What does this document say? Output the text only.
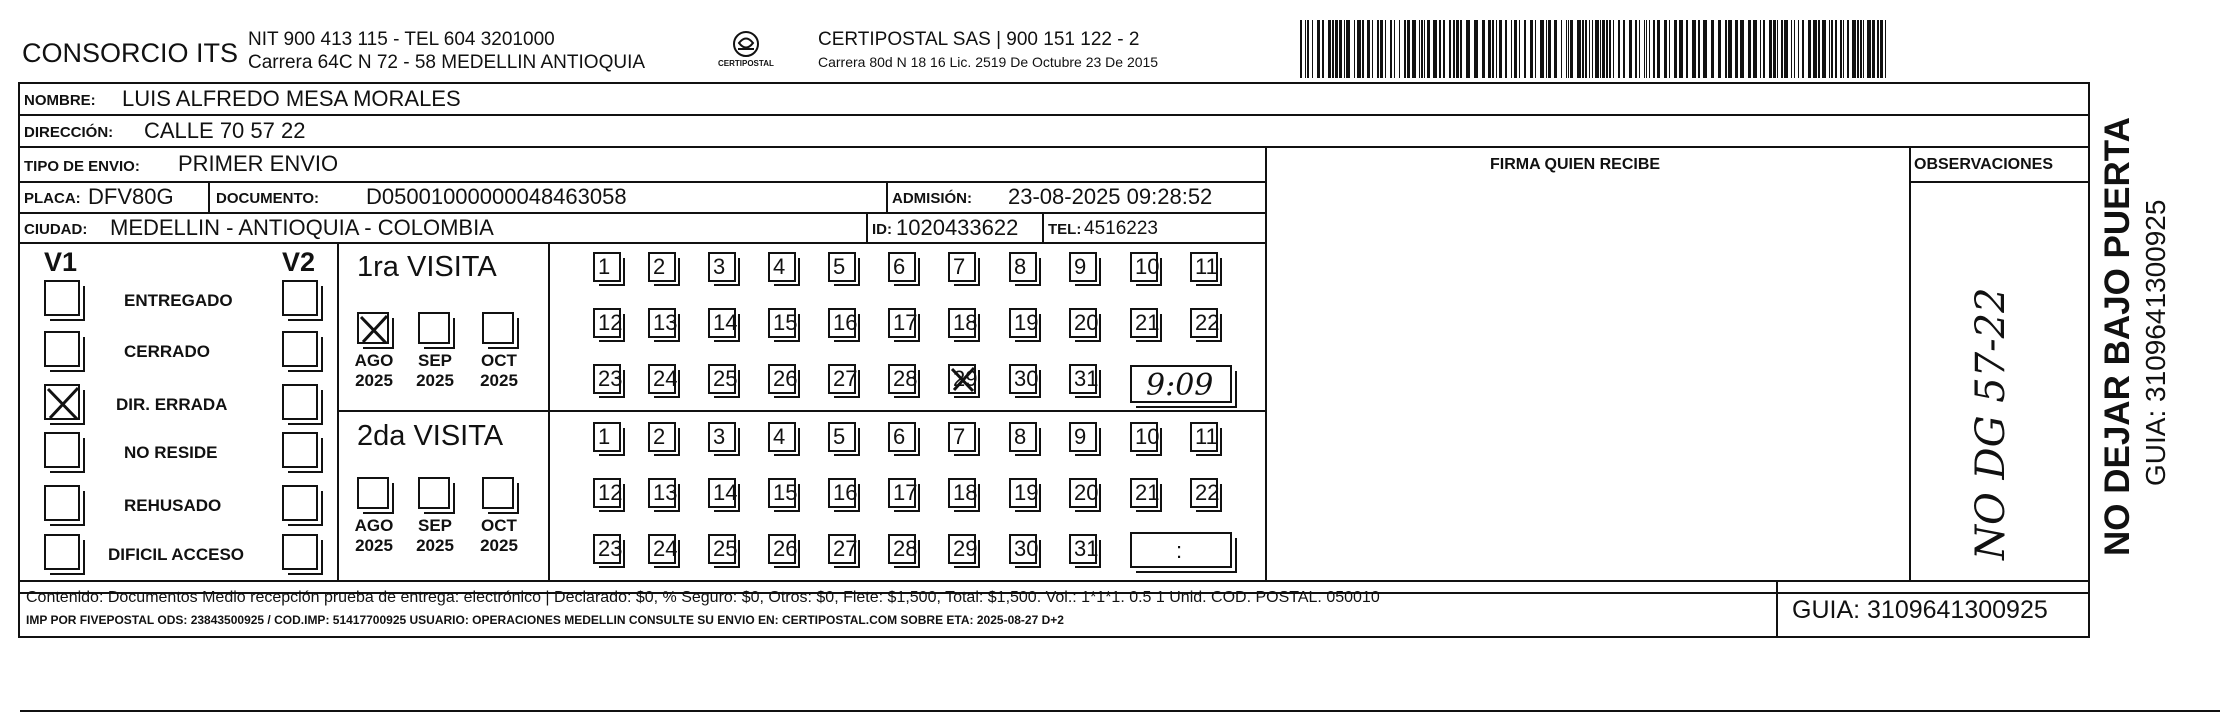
CONSORCIO ITS NIT 900 413 115 - TEL 604 3201000
Carrera 64C N 72 - 58 MEDELLIN ANTIOQUIA	CERTIPOSTAL
CERTIPOSTAL SAS | 900 151 122 - 2
Carrera 80d N 18 16 Lic. 2519 De Octubre 23 De 2015
NOMBRE: LUIS ALFREDO MESA MORALES
DIRECCIÓN: CALLE 70 57 22
TIPO DE ENVIO: PRIMER ENVIO	FIRMA QUIEN RECIBE	OBSERVACIONES
PLACA: DFV80G	DOCUMENTO: D05001000000048463058	ADMISIÓN: 23-08-2025 09:28:52
CIUDAD: MEDELLIN - ANTIOQUIA - COLOMBIA	ID: 1020433622 TEL: 4516223
V1	V2
ENTREGADO
CERRADO
DIR. ERRADA
NO RESIDE
REHUSADO
DIFICIL ACCESO
1ra VISITA
2da VISITA
AGO
2025
SEP
2025
OCT
2025
AGO
2025
SEP
2025
OCT
2025
1	2	3	4	5	6	7	8	9	10 11
12 13 14 15 16 17 18 19 20 21 22
23 24 25 26 27 28 29 30 31
1	2	3	4	5	6	7	8	9	10 11
12 13 14 15 16 17 18 19 20 21 22
23 24 25 26 27 28 29 30 31
9:09
:	NO DG 57-22 NO DEJAR BAJO PUERTA GUIA: 3109641300925
Contenido: Documentos Medio recepción prueba de entrega: electrónico | Declarado: $0, % Seguro: $0, Otros: $0, Flete: $1,500, Total: $1,500. Vol.: 1*1*1. 0.5 1 Unid. COD. POSTAL. 050010
IMP POR FIVEPOSTAL ODS: 23843500925 / COD.IMP: 51417700925 USUARIO: OPERACIONES MEDELLIN CONSULTE SU ENVIO EN: CERTIPOSTAL.COM SOBRE ETA: 2025-08-27 D+2	GUIA: 3109641300925
